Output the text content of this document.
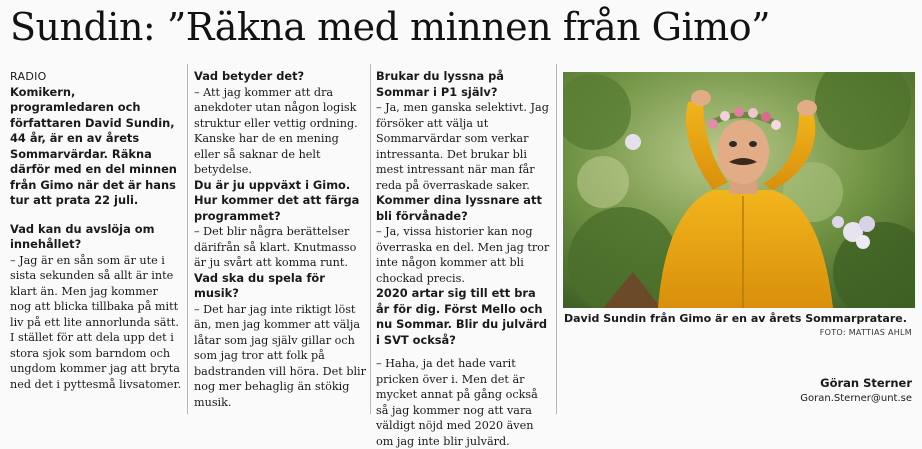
Sundin: ”Räkna med minnen från Gimo”

RADIO

Komikern, programledaren och författaren David Sundin, 44 år, är en av årets Sommarvärdar. Räkna därför med en del minnen från Gimo när det är hans tur att prata 22 juli.

Vad kan du avslöja om innehållet?

– Jag är en sån som är ute i sista sekunden så allt är inte klart än. Men jag kommer nog att blicka tillbaka på mitt liv på ett lite annorlunda sätt. I stället för att dela upp det i stora sjok som barndom och ungdom kommer jag att bryta ned det i pyttesmå livsatomer.

Vad betyder det?

– Att jag kommer att dra anekdoter utan någon logisk struktur eller vettig ordning. Kanske har de en mening eller så saknar de helt betydelse.

Du är ju uppväxt i Gimo. Hur kommer det att färga programmet?

– Det blir några berättelser därifrån så klart. Knutmasso är ju svårt att komma runt.

Vad ska du spela för musik?

– Det har jag inte riktigt löst än, men jag kommer att välja låtar som jag själv gillar och som jag tror att folk på badstranden vill höra. Det blir nog mer behaglig än stökig musik.

Brukar du lyssna på Sommar i P1 själv?

– Ja, men ganska selektivt. Jag försöker att välja ut Sommarvärdar som verkar intressanta. Det brukar bli mest intressant när man får reda på överraskade saker.

Kommer dina lyssnare att bli förvånade?

– Ja, vissa historier kan nog överraska en del. Men jag tror inte någon kommer att bli chockad precis.

2020 artar sig till ett bra år för dig. Först Mello och nu Sommar. Blir du julvärd i SVT också?

David Sundin från Gimo är en av årets Sommarpratare.
FOTO: MATTIAS AHLM

– Haha, ja det hade varit pricken över i. Men det är mycket annat på gång också så jag kommer nog att vara väldigt nöjd med 2020 även om jag inte blir julvärd.

Göran Sterner
Goran.Sterner@unt.se
